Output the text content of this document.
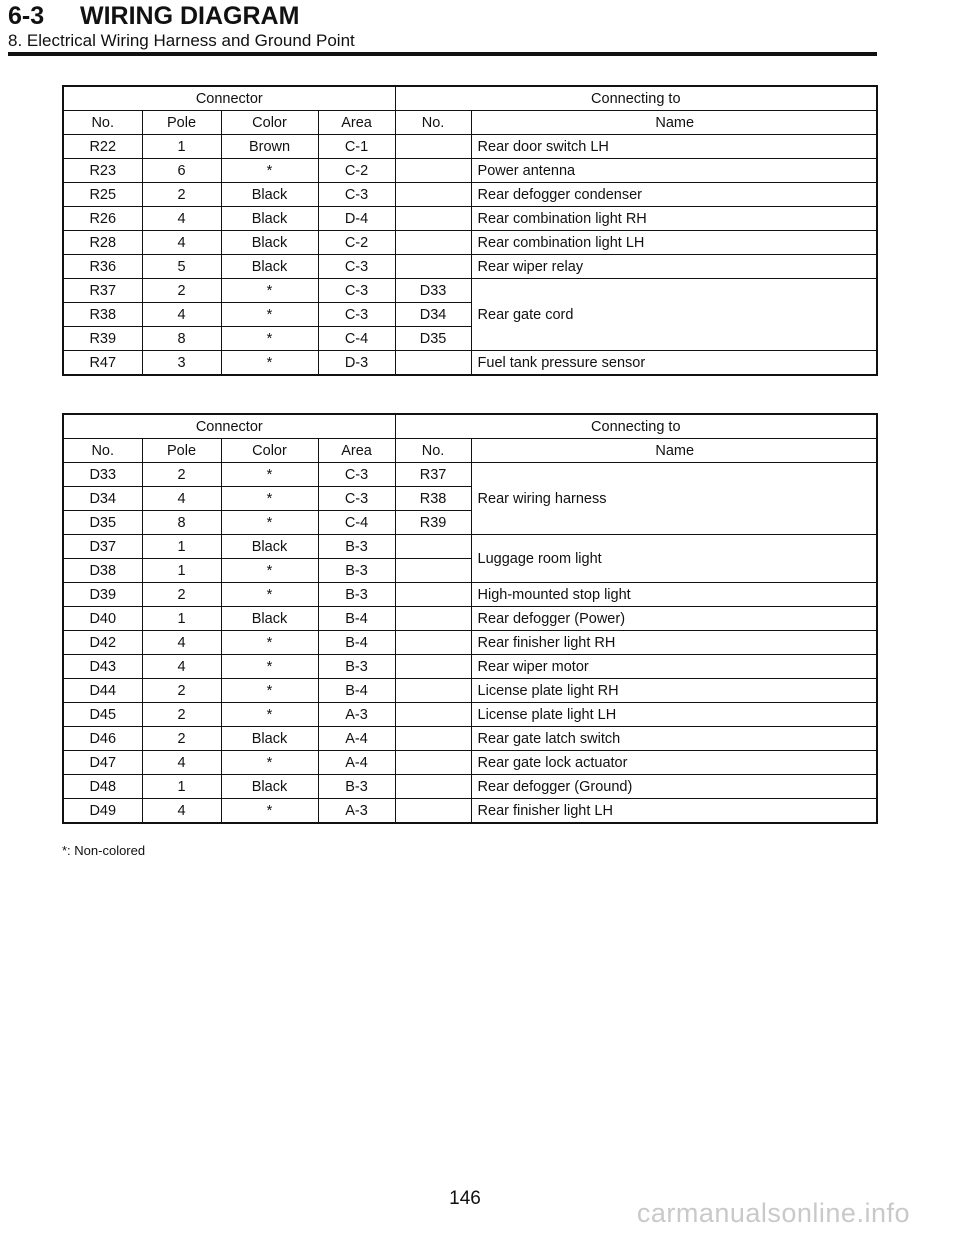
6-3 WIRING DIAGRAM
8. Electrical Wiring Harness and Ground Point
Connector				Connecting to	
No.	Pole	Color	Area	No.	Name
R22	1	Brown	C-1		Rear door switch LH
R23	6	*	C-2		Power antenna
R25	2	Black	C-3		Rear defogger condenser
R26	4	Black	D-4		Rear combination light RH
R28	4	Black	C-2		Rear combination light LH
R36	5	Black	C-3		Rear wiper relay
R37	2	*	C-3	D33	Rear gate cord
R38	4	*	C-3	D34	
R39	8	*	C-4	D35	
R47	3	*	D-3		Fuel tank pressure sensor
Connector				Connecting to	
No.	Pole	Color	Area	No.	Name
D33	2	*	C-3	R37	Rear wiring harness
D34	4	*	C-3	R38	
D35	8	*	C-4	R39	
D37	1	Black	B-3		Luggage room light
D38	1	*	B-3		
D39	2	*	B-3		High-mounted stop light
D40	1	Black	B-4		Rear defogger (Power)
D42	4	*	B-4		Rear finisher light RH
D43	4	*	B-3		Rear wiper motor
D44	2	*	B-4		License plate light RH
D45	2	*	A-3		License plate light LH
D46	2	Black	A-4		Rear gate latch switch
D47	4	*	A-4		Rear gate lock actuator
D48	1	Black	B-3		Rear defogger (Ground)
D49	4	*	A-3		Rear finisher light LH
*: Non-colored
146	carmanualsonline.info
